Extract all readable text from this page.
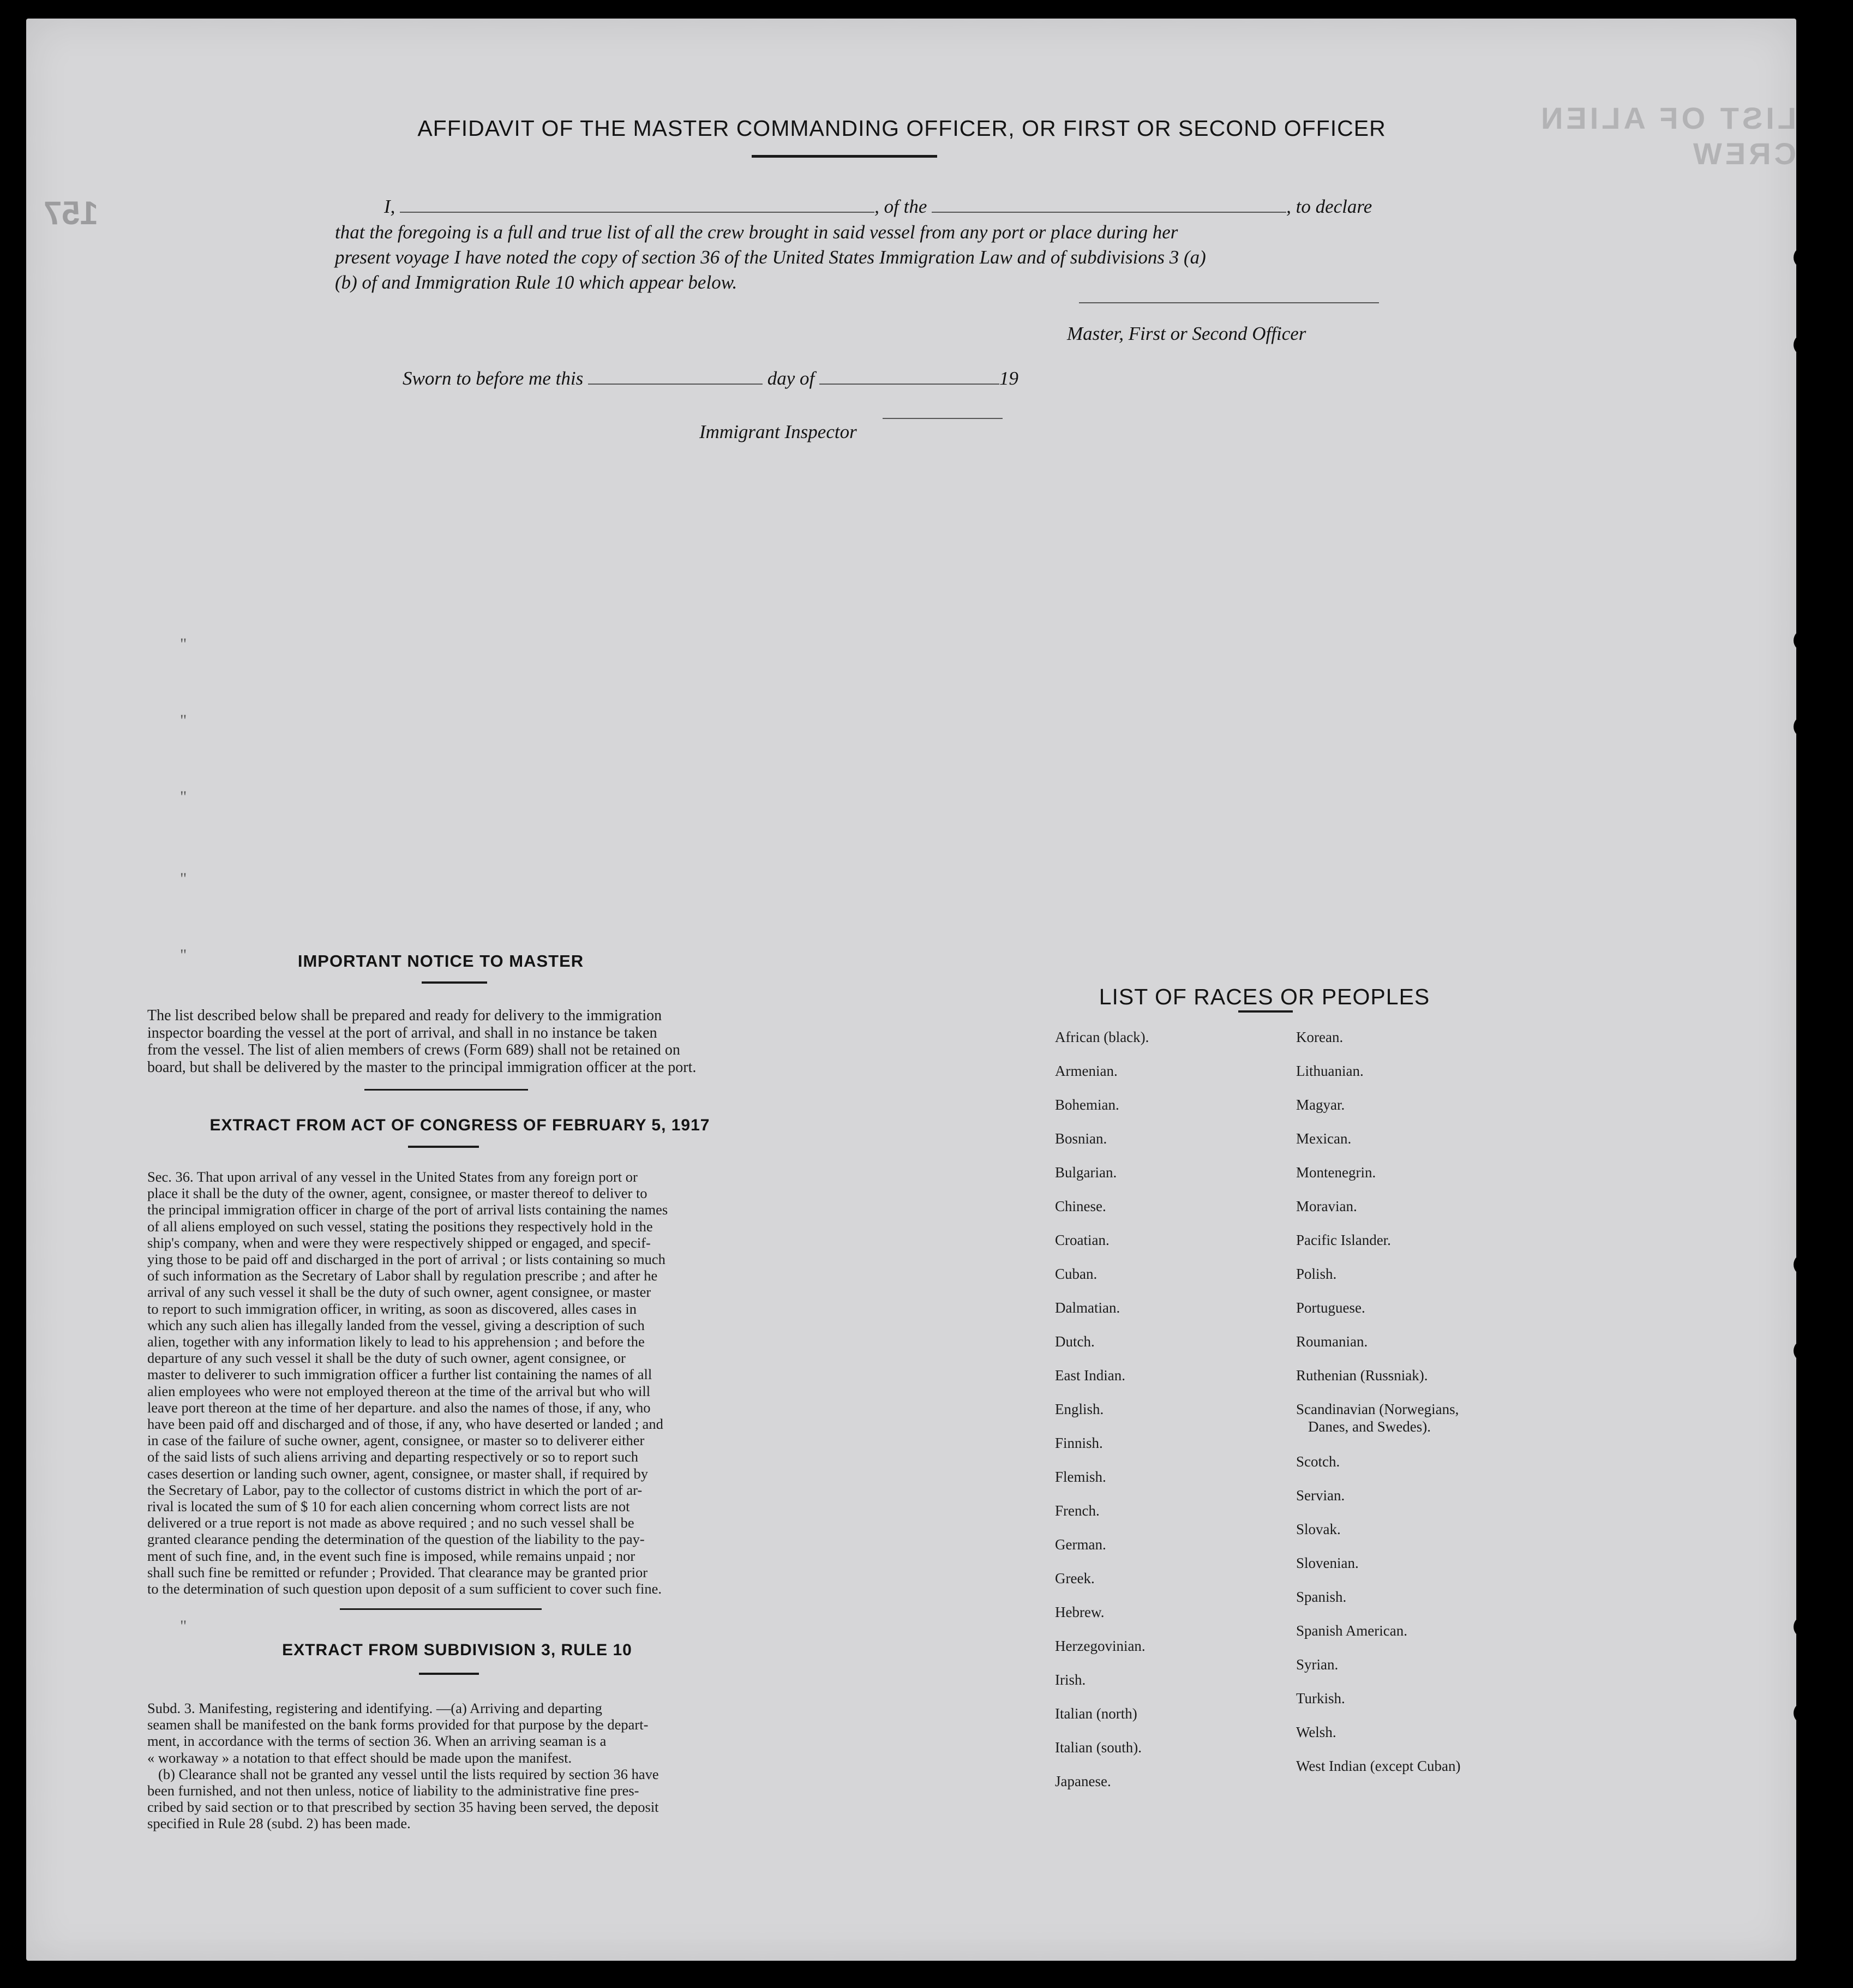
157
LIST OF ALIEN CREW
AFFIDAVIT OF THE MASTER COMMANDING OFFICER, OR FIRST OR SECOND OFFICER
I,	, of the	, to declare
that the foregoing is a full and true list of all the crew brought in said vessel from any port or place during her
present voyage I have noted the copy of section 36 of the United States Immigration Law and of subdivisions 3 (a)
(b) of and Immigration Rule 10 which appear below.
Master, First or Second Officer
Sworn to before me this	day of	19
Immigrant Inspector
"
"
"
"
"
"
IMPORTANT NOTICE TO MASTER
The list described below shall be prepared and ready for delivery to the immigration
inspector boarding the vessel at the port of arrival, and shall in no instance be taken
from the vessel. The list of alien members of crews (Form 689) shall not be retained on
board, but shall be delivered by the master to the principal immigration officer at the port.
EXTRACT FROM ACT OF CONGRESS OF FEBRUARY 5, 1917
Sec. 36. That upon arrival of any vessel in the United States from any foreign port or
place it shall be the duty of the owner, agent, consignee, or master thereof to deliver to
the principal immigration officer in charge of the port of arrival lists containing the names
of all aliens employed on such vessel, stating the positions they respectively hold in the
ship's company, when and were they were respectively shipped or engaged, and specif-
ying those to be paid off and discharged in the port of arrival ; or lists containing so much
of such information as the Secretary of Labor shall by regulation prescribe ; and after he
arrival of any such vessel it shall be the duty of such owner, agent consignee, or master
to report to such immigration officer, in writing, as soon as discovered, alles cases in
which any such alien has illegally landed from the vessel, giving a description of such
alien, together with any information likely to lead to his apprehension ; and before the
departure of any such vessel it shall be the duty of such owner, agent consignee, or
master to deliverer to such immigration officer a further list containing the names of all
alien employees who were not employed thereon at the time of the arrival but who will
leave port thereon at the time of her departure. and also the names of those, if any, who
have been paid off and discharged and of those, if any, who have deserted or landed ; and
in case of the failure of suche owner, agent, consignee, or master so to deliverer either
of the said lists of such aliens arriving and departing respectively or so to report such
cases desertion or landing such owner, agent, consignee, or master shall, if required by
the Secretary of Labor, pay to the collector of customs district in which the port of ar-
rival is located the sum of $ 10 for each alien concerning whom correct lists are not
delivered or a true report is not made as above required ; and no such vessel shall be
granted clearance pending the determination of the question of the liability to the pay-
ment of such fine, and, in the event such fine is imposed, while remains unpaid ; nor
shall such fine be remitted or refunder ; Provided. That clearance may be granted prior
to the determination of such question upon deposit of a sum sufficient to cover such fine.
EXTRACT FROM SUBDIVISION 3, RULE 10
Subd. 3. Manifesting, registering and identifying. —(a) Arriving and departing
seamen shall be manifested on the bank forms provided for that purpose by the depart-
ment, in accordance with the terms of section 36. When an arriving seaman is a
« workaway » a notation to that effect should be made upon the manifest.
(b) Clearance shall not be granted any vessel until the lists required by section 36 have
been furnished, and not then unless, notice of liability to the administrative fine pres-
cribed by said section or to that prescribed by section 35 having been served, the deposit
specified in Rule 28 (subd. 2) has been made.
LIST OF RACES OR PEOPLES
African (black).
Armenian.
Bohemian.
Bosnian.
Bulgarian.
Chinese.
Croatian.
Cuban.
Dalmatian.
Dutch.
East Indian.
English.
Finnish.
Flemish.
French.
German.
Greek.
Hebrew.
Herzegovinian.
Irish.
Italian (north)
Italian (south).
Japanese.
Korean.
Lithuanian.
Magyar.
Mexican.
Montenegrin.
Moravian.
Pacific Islander.
Polish.
Portuguese.
Roumanian.
Ruthenian (Russniak).
Scandinavian (Norwegians,
Danes, and Swedes).
Scotch.
Servian.
Slovak.
Slovenian.
Spanish.
Spanish American.
Syrian.
Turkish.
Welsh.
West Indian (except Cuban)
